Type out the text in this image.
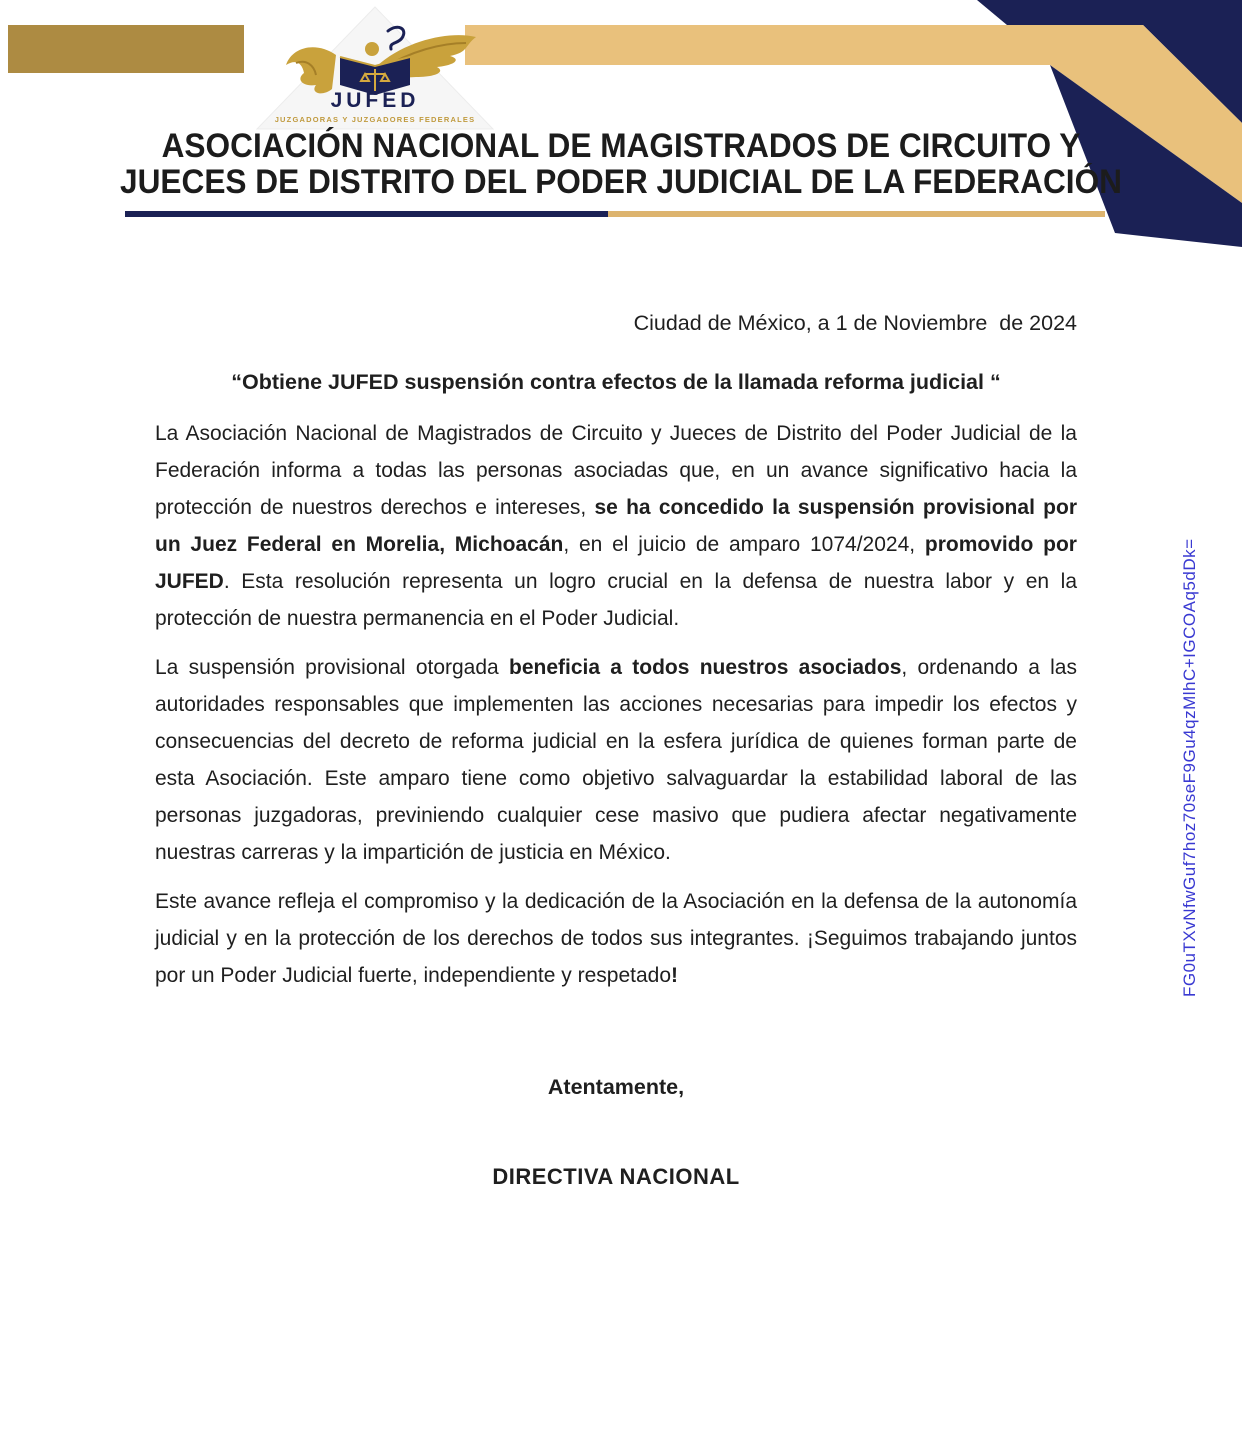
JUFED
JUZGADORAS Y JUZGADORES FEDERALES
ASOCIACIÓN NACIONAL DE MAGISTRADOS DE CIRCUITO Y
JUECES DE DISTRITO DEL PODER JUDICIAL DE LA FEDERACIÓN

Ciudad de México, a 1 de Noviembre  de 2024

“Obtiene JUFED suspensión contra efectos de la llamada reforma judicial “

La Asociación Nacional de Magistrados de Circuito y Jueces de Distrito del Poder Judicial de la Federación informa a todas las personas asociadas que, en un avance significativo hacia la protección de nuestros derechos e intereses, se ha concedido la suspensión provisional por un Juez Federal en Morelia, Michoacán, en el juicio de amparo 1074/2024, promovido por JUFED. Esta resolución representa un logro crucial en la defensa de nuestra labor y en la protección de nuestra permanencia en el Poder Judicial.

La suspensión provisional otorgada beneficia a todos nuestros asociados, ordenando a las autoridades responsables que implementen las acciones necesarias para impedir los efectos y consecuencias del decreto de reforma judicial en la esfera jurídica de quienes forman parte de esta Asociación. Este amparo tiene como objetivo salvaguardar la estabilidad laboral de las personas juzgadoras, previniendo cualquier cese masivo que pudiera afectar negativamente nuestras carreras y la impartición de justicia en México.

Este avance refleja el compromiso y la dedicación de la Asociación en la defensa de la autonomía judicial y en la protección de los derechos de todos sus integrantes. ¡Seguimos trabajando juntos por un Poder Judicial fuerte, independiente y respetado!

Atentamente,

DIRECTIVA NACIONAL

FG0uTXvNfwGuf7hoz70seF9Gu4qzMlhC+IGCOAq5dDk=
